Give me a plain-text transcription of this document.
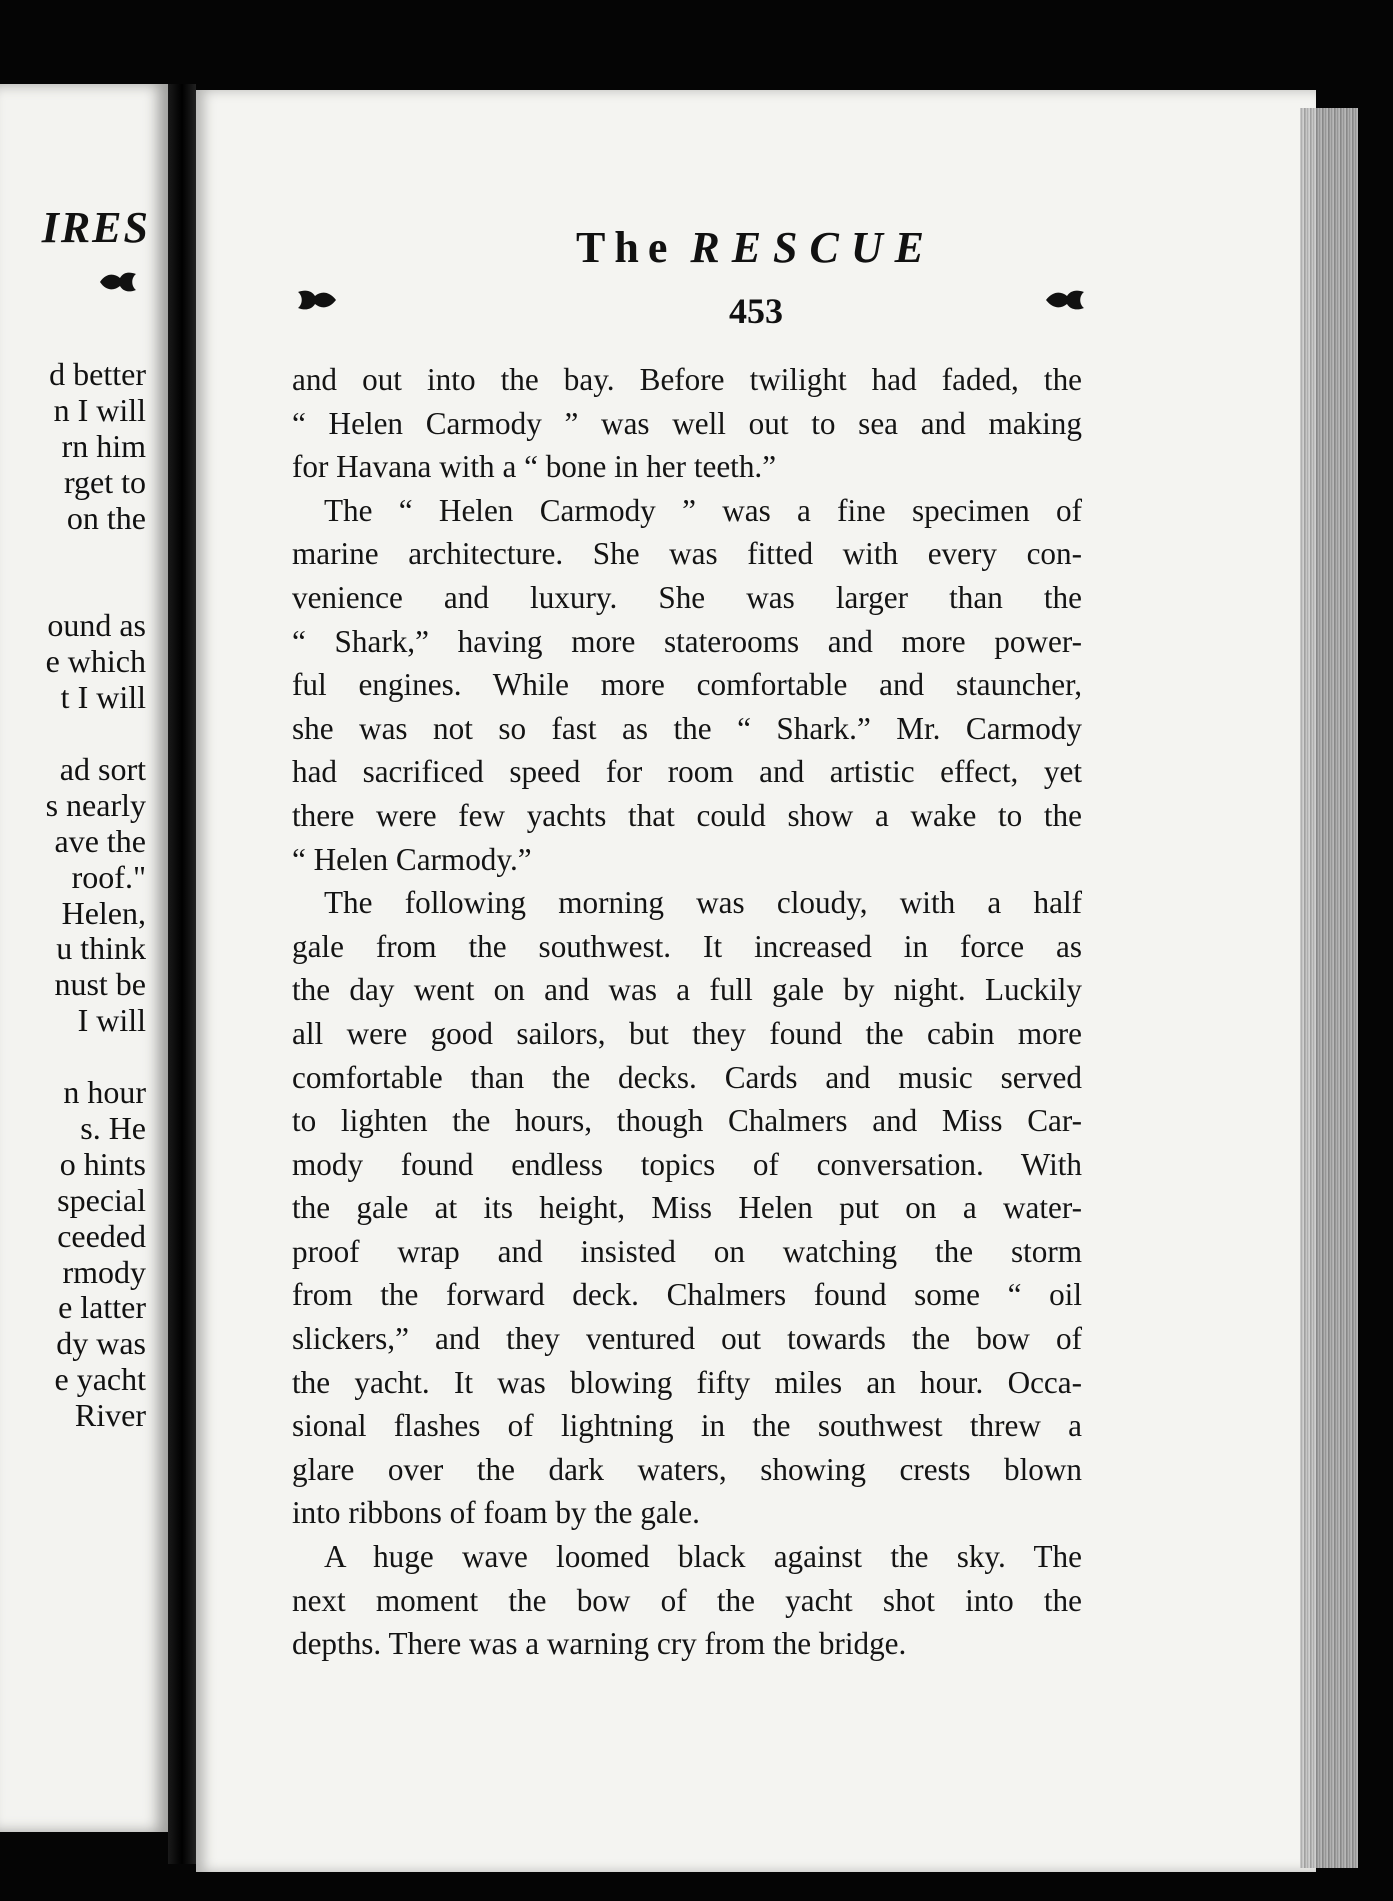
IRES
d better
n I will
rn him
rget to
on the
ound as
e which
t I will
ad sort
s nearly
ave the
roof."
Helen,
u think
nust be
I will
n hour
s. He
o hints
special
ceeded
rmody
e latter
dy was
e yacht
River
The RESCUE
453

and out into the bay. Before twilight had faded, the
“ Helen Carmody ” was well out to sea and making
for Havana with a “ bone in her teeth.”

The “ Helen Carmody ” was a fine specimen of
marine architecture. She was fitted with every con-
venience and luxury. She was larger than the
“ Shark,” having more staterooms and more power-
ful engines. While more comfortable and stauncher,
she was not so fast as the “ Shark.” Mr. Carmody
had sacrificed speed for room and artistic effect, yet
there were few yachts that could show a wake to the
“ Helen Carmody.”

The following morning was cloudy, with a half
gale from the southwest. It increased in force as
the day went on and was a full gale by night. Luckily
all were good sailors, but they found the cabin more
comfortable than the decks. Cards and music served
to lighten the hours, though Chalmers and Miss Car-
mody found endless topics of conversation. With
the gale at its height, Miss Helen put on a water-
proof wrap and insisted on watching the storm
from the forward deck. Chalmers found some “ oil
slickers,” and they ventured out towards the bow of
the yacht. It was blowing fifty miles an hour. Occa-
sional flashes of lightning in the southwest threw a
glare over the dark waters, showing crests blown
into ribbons of foam by the gale.

A huge wave loomed black against the sky. The
next moment the bow of the yacht shot into the
depths. There was a warning cry from the bridge.
